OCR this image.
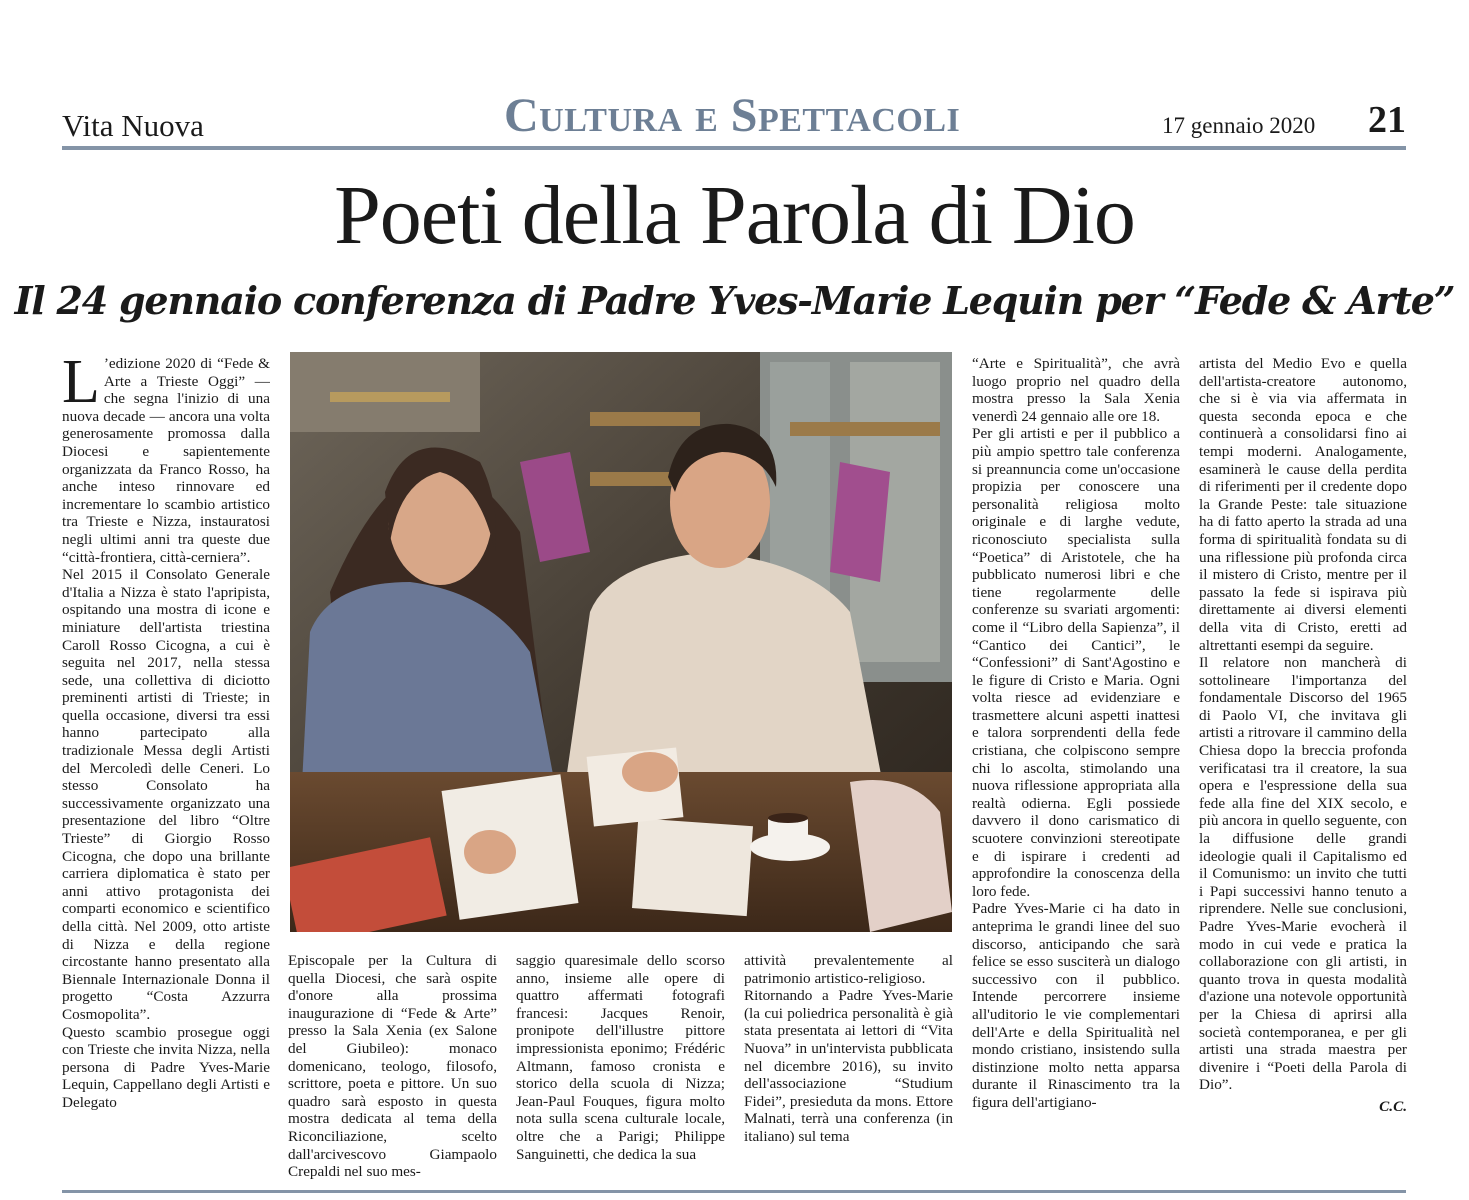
Vita Nuova	Cultura e Spettacoli	17 gennaio 2020 21
Poeti della Parola di Dio
Il 24 gennaio conferenza di Padre Yves-Marie Lequin per “Fede & Arte”

L ’edizione 2020 di “Fede & Arte a Trieste Oggi” — che segna l'inizio di una nuova decade — ancora una volta generosamente promossa dalla Diocesi e sapientemente organizzata da Franco Rosso, ha anche inteso rinnovare ed incrementare lo scambio artistico tra Trieste e Nizza, instauratosi negli ultimi anni tra queste due “città-frontiera, città-cerniera”.

Nel 2015 il Consolato Generale d'Italia a Nizza è stato l'apripista, ospitando una mostra di icone e miniature dell'artista triestina Caroll Rosso Cicogna, a cui è seguita nel 2017, nella stessa sede, una collettiva di diciotto preminenti artisti di Trieste; in quella occasione, diversi tra essi hanno partecipato alla tradizionale Messa degli Artisti del Mercoledì delle Ceneri. Lo stesso Consolato ha successivamente organizzato una presentazione del libro “Oltre Trieste” di Giorgio Rosso Cicogna, che dopo una brillante carriera diplomatica è stato per anni attivo protagonista dei comparti economico e scientifico della città. Nel 2009, otto artiste di Nizza e della regione circostante hanno presentato alla Biennale Internazionale Donna il progetto “Costa Azzurra Cosmopolita”.

Questo scambio prosegue oggi con Trieste che invita Nizza, nella persona di Padre Yves-Marie Lequin, Cappellano degli Artisti e Delegato

Episcopale per la Cultura di quella Diocesi, che sarà ospite d'onore alla prossima inaugurazione di “Fede & Arte” presso la Sala Xenia (ex Salone del Giubileo): monaco domenicano, teologo, filosofo, scrittore, poeta e pittore. Un suo quadro sarà esposto in questa mostra dedicata al tema della Riconciliazione, scelto dall'arcivescovo Giampaolo Crepaldi nel suo mes-

saggio quaresimale dello scorso anno, insieme alle opere di quattro affermati fotografi francesi: Jacques Renoir, pronipote dell'illustre pittore impressionista eponimo; Frédéric Altmann, famoso cronista e storico della scuola di Nizza; Jean-Paul Fouques, figura molto nota sulla scena culturale locale, oltre che a Parigi; Philippe Sanguinetti, che dedica la sua

attività prevalentemente al patrimonio artistico-religioso.

Ritornando a Padre Yves-Marie (la cui poliedrica personalità è già stata presentata ai lettori di “Vita Nuova” in un'intervista pubblicata nel dicembre 2016), su invito dell'associazione “Studium Fidei”, presieduta da mons. Ettore Malnati, terrà una conferenza (in italiano) sul tema

“Arte e Spiritualità”, che avrà luogo proprio nel quadro della mostra presso la Sala Xenia venerdì 24 gennaio alle ore 18.

Per gli artisti e per il pubblico a più ampio spettro tale conferenza si preannuncia come un'occasione propizia per conoscere una personalità religiosa molto originale e di larghe vedute, riconosciuto specialista sulla “Poetica” di Aristotele, che ha pubblicato numerosi libri e che tiene regolarmente delle conferenze su svariati argomenti: come il “Libro della Sapienza”, il “Cantico dei Cantici”, le “Confessioni” di Sant'Agostino e le figure di Cristo e Maria. Ogni volta riesce ad evidenziare e trasmettere alcuni aspetti inattesi e talora sorprendenti della fede cristiana, che colpiscono sempre chi lo ascolta, stimolando una nuova riflessione appropriata alla realtà odierna. Egli possiede davvero il dono carismatico di scuotere convinzioni stereotipate e di ispirare i credenti ad approfondire la conoscenza della loro fede.

Padre Yves-Marie ci ha dato in anteprima le grandi linee del suo discorso, anticipando che sarà felice se esso susciterà un dialogo successivo con il pubblico. Intende percorrere insieme all'uditorio le vie complementari dell'Arte e della Spiritualità nel mondo cristiano, insistendo sulla distinzione molto netta apparsa durante il Rinascimento tra la figura dell'artigiano-

artista del Medio Evo e quella dell'artista-creatore autonomo, che si è via via affermata in questa seconda epoca e che continuerà a consolidarsi fino ai tempi moderni. Analogamente, esaminerà le cause della perdita di riferimenti per il credente dopo la Grande Peste: tale situazione ha di fatto aperto la strada ad una forma di spiritualità fondata su di una riflessione più profonda circa il mistero di Cristo, mentre per il passato la fede si ispirava più direttamente ai diversi elementi della vita di Cristo, eretti ad altrettanti esempi da seguire.

Il relatore non mancherà di sottolineare l'importanza del fondamentale Discorso del 1965 di Paolo VI, che invitava gli artisti a ritrovare il cammino della Chiesa dopo la breccia profonda verificatasi tra il creatore, la sua opera e l'espressione della sua fede alla fine del XIX secolo, e più ancora in quello seguente, con la diffusione delle grandi ideologie quali il Capitalismo ed il Comunismo: un invito che tutti i Papi successivi hanno tenuto a riprendere. Nelle sue conclusioni, Padre Yves-Marie evocherà il modo in cui vede e pratica la collaborazione con gli artisti, in quanto trova in questa modalità d'azione una notevole opportunità per la Chiesa di aprirsi alla società contemporanea, e per gli artisti una strada maestra per divenire i “Poeti della Parola di Dio”.

C.C.
